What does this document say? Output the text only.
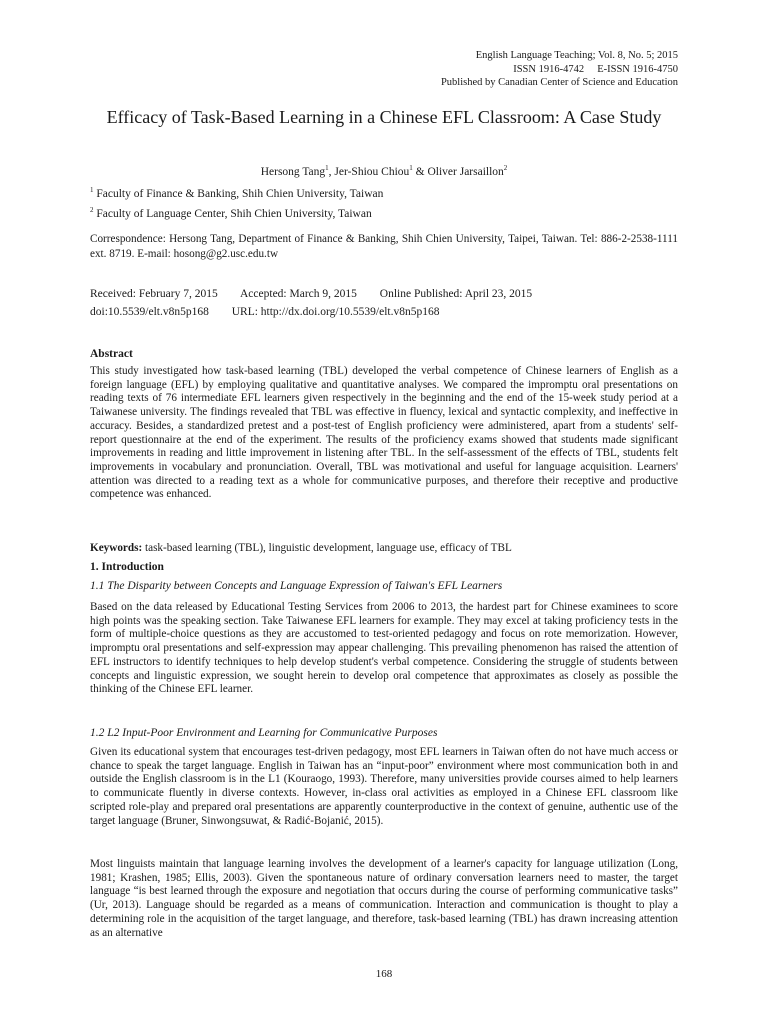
English Language Teaching; Vol. 8, No. 5; 2015
ISSN 1916-4742     E-ISSN 1916-4750
Published by Canadian Center of Science and Education
Efficacy of Task-Based Learning in a Chinese EFL Classroom: A Case Study
Hersong Tang$^1$, Jer-Shiou Chiou$^1$ & Oliver Jarsaillon$^2$
$^1$ Faculty of Finance & Banking, Shih Chien University, Taiwan
$^2$ Faculty of Language Center, Shih Chien University, Taiwan

Correspondence: Hersong Tang, Department of Finance & Banking, Shih Chien University, Taipei, Taiwan. Tel: 886-2-2538-1111 ext. 8719. E-mail: hosong@g2.usc.edu.tw

Received: February 7, 2015 Accepted: March 9, 2015 Online Published: April 23, 2015
doi:10.5539/elt.v8n5p168 URL: http://dx.doi.org/10.5539/elt.v8n5p168
Abstract

This study investigated how task-based learning (TBL) developed the verbal competence of Chinese learners of English as a foreign language (EFL) by employing qualitative and quantitative analyses. We compared the impromptu oral presentations on reading texts of 76 intermediate EFL learners given respectively in the beginning and the end of the 15-week study period at a Taiwanese university. The findings revealed that TBL was effective in fluency, lexical and syntactic complexity, and ineffective in accuracy. Besides, a standardized pretest and a post-test of English proficiency were administered, apart from a students' self-report questionnaire at the end of the experiment. The results of the proficiency exams showed that students made significant improvements in reading and little improvement in listening after TBL. In the self-assessment of the effects of TBL, students felt improvements in vocabulary and pronunciation. Overall, TBL was motivational and useful for language acquisition. Learners' attention was directed to a reading text as a whole for communicative purposes, and therefore their receptive and productive competence was enhanced.

Keywords: task-based learning (TBL), linguistic development, language use, efficacy of TBL
1. Introduction
1.1 The Disparity between Concepts and Language Expression of Taiwan's EFL Learners

Based on the data released by Educational Testing Services from 2006 to 2013, the hardest part for Chinese examinees to score high points was the speaking section. Take Taiwanese EFL learners for example. They may excel at taking proficiency tests in the form of multiple-choice questions as they are accustomed to test-oriented pedagogy and focus on rote memorization. However, impromptu oral presentations and self-expression may appear challenging. This prevailing phenomenon has raised the attention of EFL instructors to identify techniques to help develop student's verbal competence. Considering the struggle of students between concepts and linguistic expression, we sought herein to develop oral competence that approximates as closely as possible the thinking of the Chinese EFL learner.

1.2 L2 Input-Poor Environment and Learning for Communicative Purposes

Given its educational system that encourages test-driven pedagogy, most EFL learners in Taiwan often do not have much access or chance to speak the target language. English in Taiwan has an “input-poor” environment where most communication both in and outside the English classroom is in the L1 (Kouraogo, 1993). Therefore, many universities provide courses aimed to help learners to communicate fluently in diverse contexts. However, in-class oral activities as employed in a Chinese EFL classroom like scripted role-play and prepared oral presentations are apparently counterproductive in the context of genuine, authentic use of the target language (Bruner, Sinwongsuwat, & Radić-Bojanić, 2015).

Most linguists maintain that language learning involves the development of a learner's capacity for language utilization (Long, 1981; Krashen, 1985; Ellis, 2003). Given the spontaneous nature of ordinary conversation learners need to master, the target language “is best learned through the exposure and negotiation that occurs during the course of performing communicative tasks” (Ur, 2013). Language should be regarded as a means of communication. Interaction and communication is thought to play a determining role in the acquisition of the target language, and therefore, task-based learning (TBL) has drawn increasing attention as an alternative

168
